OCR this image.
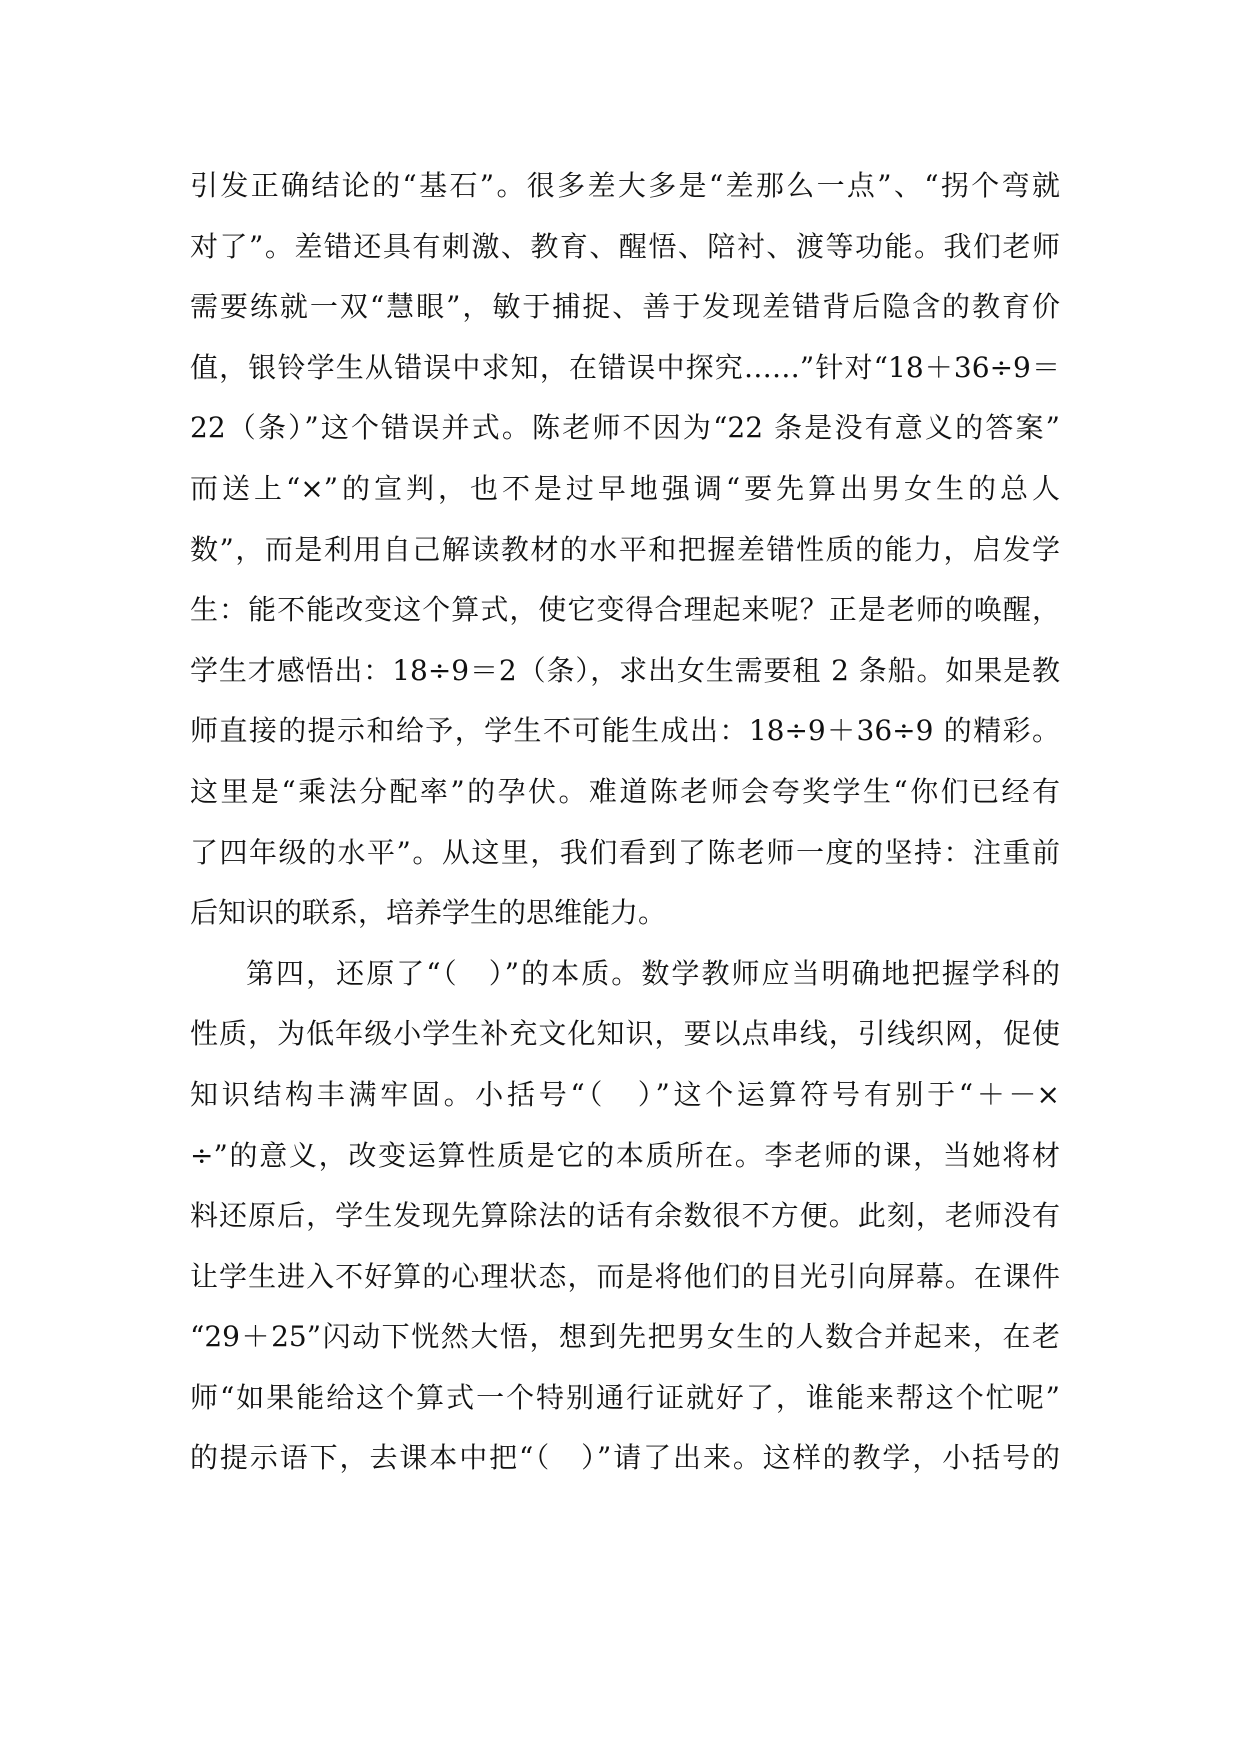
引发正确结论的“基石”。很多差大多是“差那么一点”、“拐个弯就
对了”。差错还具有刺激、教育、醒悟、陪衬、渡等功能。我们老师
需要练就一双“慧眼”，敏于捕捉、善于发现差错背后隐含的教育价
值，银铃学生从错误中求知，在错误中探究……”针对“18＋36÷9＝
22（条）”这个错误并式。陈老师不因为“22 条是没有意义的答案”
而送上“×”的宣判，也不是过早地强调“要先算出男女生的总人
数”，而是利用自己解读教材的水平和把握差错性质的能力，启发学
生：能不能改变这个算式，使它变得合理起来呢？正是老师的唤醒，
学生才感悟出：18÷9＝2（条），求出女生需要租 2 条船。如果是教
师直接的提示和给予，学生不可能生成出：18÷9＋36÷9 的精彩。
这里是“乘法分配率”的孕伏。难道陈老师会夸奖学生“你们已经有
了四年级的水平”。从这里，我们看到了陈老师一度的坚持：注重前
后知识的联系，培养学生的思维能力。
第四，还原了“（　）”的本质。数学教师应当明确地把握学科的
性质，为低年级小学生补充文化知识，要以点串线，引线织网，促使
知识结构丰满牢固。小括号“（　）”这个运算符号有别于“＋－×
÷”的意义，改变运算性质是它的本质所在。李老师的课，当她将材
料还原后，学生发现先算除法的话有余数很不方便。此刻，老师没有
让学生进入不好算的心理状态，而是将他们的目光引向屏幕。在课件
“29＋25”闪动下恍然大悟，想到先把男女生的人数合并起来，在老
师“如果能给这个算式一个特别通行证就好了，谁能来帮这个忙呢”
的提示语下，去课本中把“（　）”请了出来。这样的教学，小括号的
